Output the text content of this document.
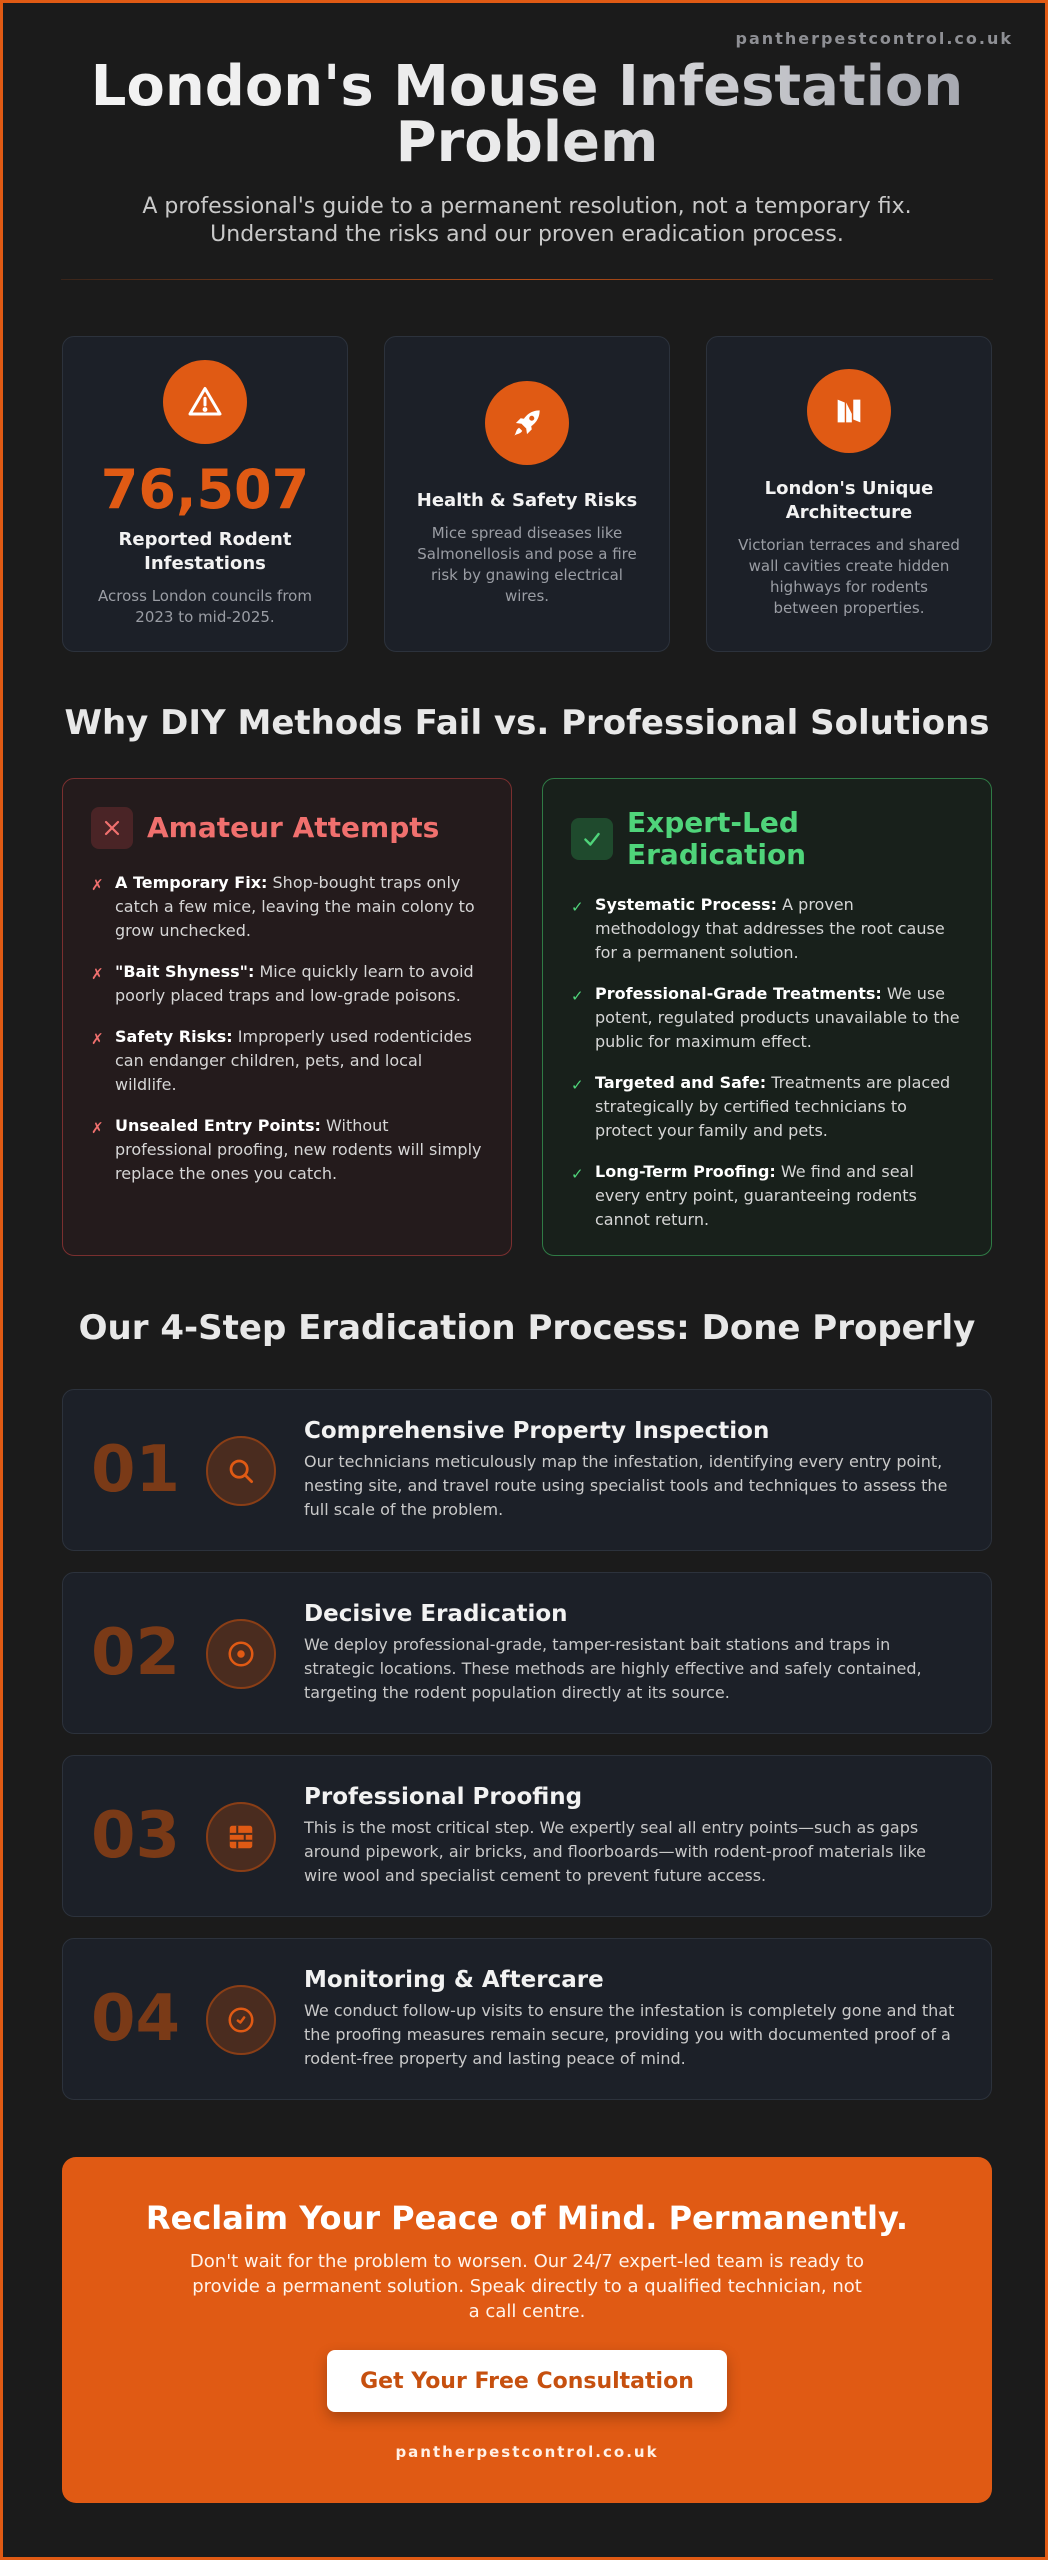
pantherpestcontrol.co.uk
London's Mouse Infestation Problem

A professional's guide to a permanent resolution, not a temporary fix. Understand the risks and our proven eradication process.

76,507
Reported Rodent Infestations
Across London councils from 2023 to mid-2025.
Health & Safety Risks
Mice spread diseases like Salmonellosis and pose a fire risk by gnawing electrical wires.
London's Unique Architecture
Victorian terraces and shared wall cavities create hidden highways for rodents between properties.
Why DIY Methods Fail vs. Professional Solutions
Amateur Attempts
✗ A Temporary Fix: Shop-bought traps only catch a few mice, leaving the main colony to grow unchecked.
✗ "Bait Shyness": Mice quickly learn to avoid poorly placed traps and low-grade poisons.
✗ Safety Risks: Improperly used rodenticides can endanger children, pets, and local wildlife.
✗ Unsealed Entry Points: Without professional proofing, new rodents will simply replace the ones you catch.
Expert-Led Eradication
✓ Systematic Process: A proven methodology that addresses the root cause for a permanent solution.
✓ Professional-Grade Treatments: We use potent, regulated products unavailable to the public for maximum effect.
✓ Targeted and Safe: Treatments are placed strategically by certified technicians to protect your family and pets.
✓ Long-Term Proofing: We find and seal every entry point, guaranteeing rodents cannot return.
Our 4-Step Eradication Process: Done Properly
01
Comprehensive Property Inspection
Our technicians meticulously map the infestation, identifying every entry point, nesting site, and travel route using specialist tools and techniques to assess the full scale of the problem.
02
Decisive Eradication
We deploy professional-grade, tamper-resistant bait stations and traps in strategic locations. These methods are highly effective and safely contained, targeting the rodent population directly at its source.
03
Professional Proofing
This is the most critical step. We expertly seal all entry points—such as gaps around pipework, air bricks, and floorboards—with rodent-proof materials like wire wool and specialist cement to prevent future access.
04
Monitoring & Aftercare
We conduct follow-up visits to ensure the infestation is completely gone and that the proofing measures remain secure, providing you with documented proof of a rodent-free property and lasting peace of mind.
Reclaim Your Peace of Mind. Permanently.
Don't wait for the problem to worsen. Our 24/7 expert-led team is ready to provide a permanent solution. Speak directly to a qualified technician, not a call centre.
Get Your Free Consultation
pantherpestcontrol.co.uk
